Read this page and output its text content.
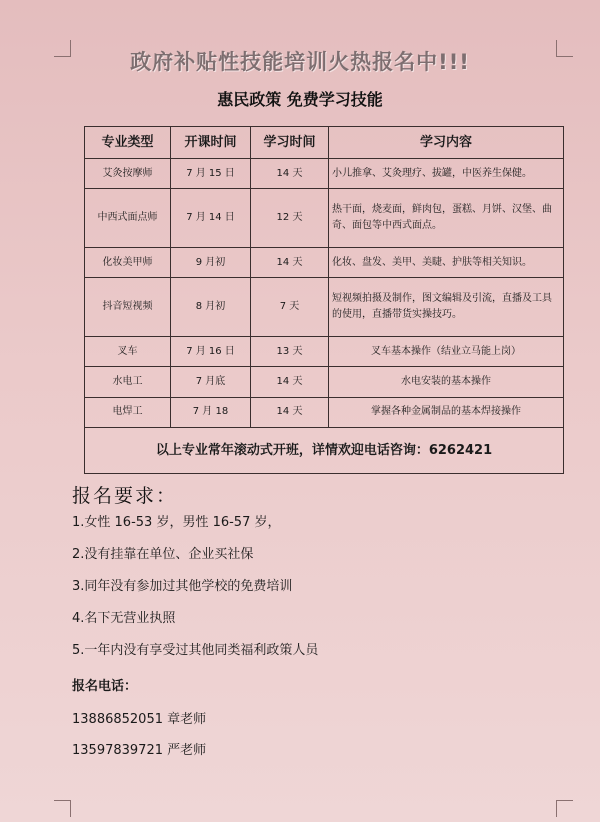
政府补贴性技能培训火热报名中!!!
惠民政策 免费学习技能
专业类型	开课时间	学习时间	学习内容
艾灸按摩师	7 月 15 日	14 天	小儿推拿、艾灸理疗、拔罐，中医养生保健。
中西式面点师	7 月 14 日	12 天	热干面，烧麦面，鲜肉包，蛋糕、月饼、汉堡、曲奇、面包等中西式面点。
化妆美甲师	9 月初	14 天	化妆、盘发、美甲、美睫、护肤等相关知识。
抖音短视频	8 月初	7 天	短视频拍摄及制作，图文编辑及引流，直播及工具的使用，直播带货实操技巧。
叉车	7 月 16 日	13 天	叉车基本操作（结业立马能上岗）
水电工	7 月底	14 天	水电安装的基本操作
电焊工	7 月 18	14 天	掌握各种金属制品的基本焊接操作
以上专业常年滚动式开班，详情欢迎电话咨询：6262421			
报名要求：
1.女性 16-53 岁，男性 16-57 岁，
2.没有挂靠在单位、企业买社保
3.同年没有参加过其他学校的免费培训
4.名下无营业执照
5.一年内没有享受过其他同类福利政策人员
报名电话：
13886852051 章老师
13597839721 严老师
